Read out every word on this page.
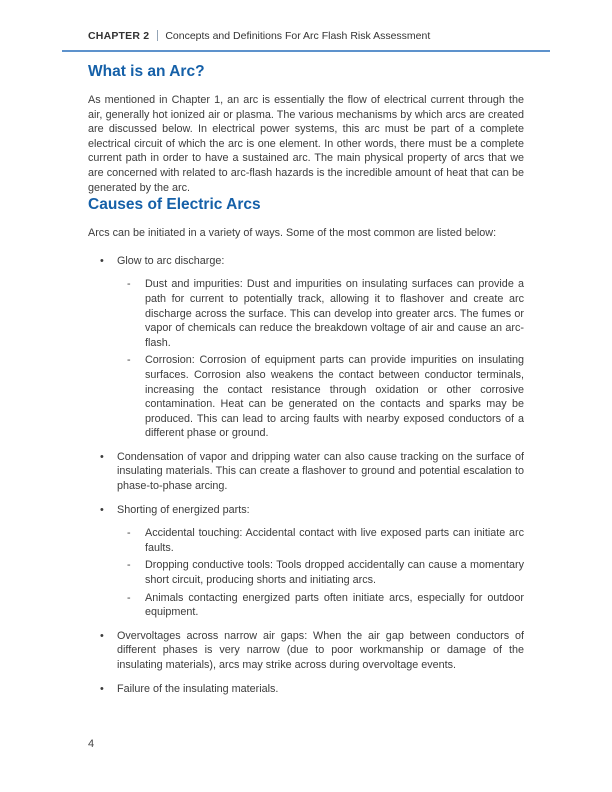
CHAPTER 2 Concepts and Definitions For Arc Flash Risk Assessment
What is an Arc?

As mentioned in Chapter 1, an arc is essentially the flow of electrical current through the air, generally hot ionized air or plasma. The various mechanisms by which arcs are created are discussed below. In electrical power systems, this arc must be part of a complete electrical circuit of which the arc is one element. In other words, there must be a complete current path in order to have a sustained arc. The main physical property of arcs that we are concerned with related to arc-flash hazards is the incredible amount of heat that can be generated by the arc.

Causes of Electric Arcs

Arcs can be initiated in a variety of ways. Some of the most common are listed below:

• Glow to arc discharge:
- Dust and impurities: Dust and impurities on insulating surfaces can provide a path for current to potentially track, allowing it to flashover and create arc discharge across the surface. This can develop into greater arcs. The fumes or vapor of chemicals can reduce the breakdown voltage of air and cause an arc-flash.
- Corrosion: Corrosion of equipment parts can provide impurities on insulating surfaces. Corrosion also weakens the contact between conductor terminals, increasing the contact resistance through oxidation or other corrosive contamination. Heat can be generated on the contacts and sparks may be produced. This can lead to arcing faults with nearby exposed conductors of a different phase or ground.
• Condensation of vapor and dripping water can also cause tracking on the surface of insulating materials. This can create a flashover to ground and potential escalation to phase-to-phase arcing.
• Shorting of energized parts:
- Accidental touching: Accidental contact with live exposed parts can initiate arc faults.
- Dropping conductive tools: Tools dropped accidentally can cause a momentary short circuit, producing shorts and initiating arcs.
- Animals contacting energized parts often initiate arcs, especially for outdoor equipment.
• Overvoltages across narrow air gaps: When the air gap between conductors of different phases is very narrow (due to poor workmanship or damage of the insulating materials), arcs may strike across during overvoltage events.
• Failure of the insulating materials.
4
